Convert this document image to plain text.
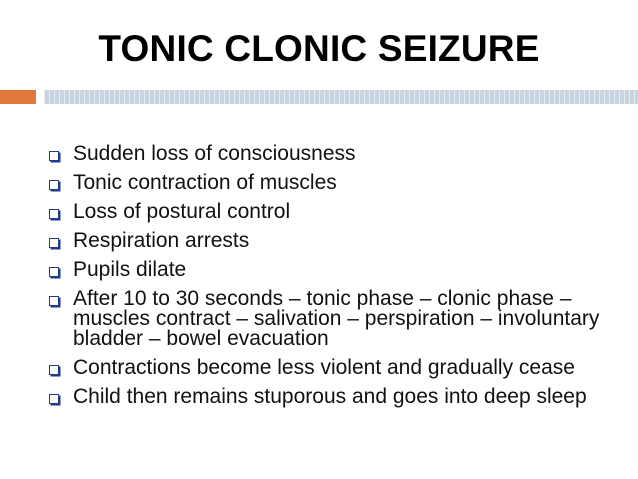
TONIC CLONIC SEIZURE
Sudden loss of consciousness
Tonic contraction of muscles
Loss of postural control
Respiration arrests
Pupils dilate
After 10 to 30 seconds – tonic phase – clonic phase – muscles contract – salivation – perspiration – involuntary bladder – bowel evacuation
Contractions become less violent and gradually cease
Child then remains stuporous and goes into deep sleep
